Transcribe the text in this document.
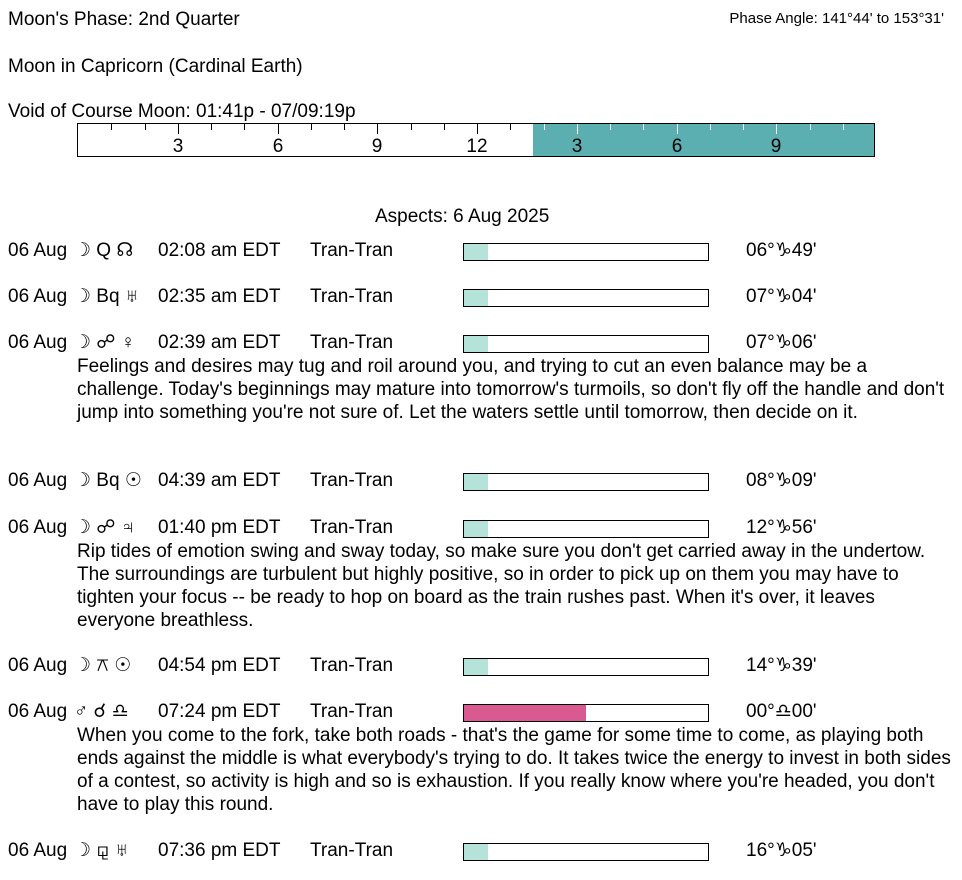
Moon's Phase: 2nd Quarter	Phase Angle: 141°44' to 153°31'
Moon in Capricorn (Cardinal Earth)
Void of Course Moon: 01:41p - 07/09:19p
3	6	9	12	3	6	9
Aspects: 6 Aug 2025
06 Aug ☽ Q ☊ 02:08 am EDT Tran-Tran	06°♑49'
06 Aug ☽ Bq ♅ 02:35 am EDT Tran-Tran	07°♑04'
06 Aug ☽ ☍ ♀ 02:39 am EDT Tran-Tran	07°♑06'
Feelings and desires may tug and roil around you, and trying to cut an even balance may be a challenge. Today's beginnings may mature into tomorrow's turmoils, so don't fly off the handle and don't jump into something you're not sure of. Let the waters settle until tomorrow, then decide on it.
06 Aug ☽ Bq ☉ 04:39 am EDT Tran-Tran	08°♑09'
06 Aug ☽ ☍ ♃ 01:40 pm EDT Tran-Tran	12°♑56'
Rip tides of emotion swing and sway today, so make sure you don't get carried away in the undertow. The surroundings are turbulent but highly positive, so in order to pick up on them you may have to tighten your focus -- be ready to hop on board as the train rushes past. When it's over, it leaves everyone breathless.
06 Aug ☽ ⚻ ☉ 04:54 pm EDT Tran-Tran	14°♑39'
06 Aug ♂ ☌ ♎ 07:24 pm EDT Tran-Tran	00°♎00'
When you come to the fork, take both roads - that's the game for some time to come, as playing both ends against the middle is what everybody's trying to do. It takes twice the energy to invest in both sides of a contest, so activity is high and so is exhaustion. If you really know where you're headed, you don't have to play this round.
06 Aug ☽ ⚼ ♅ 07:36 pm EDT Tran-Tran	16°♑05'
